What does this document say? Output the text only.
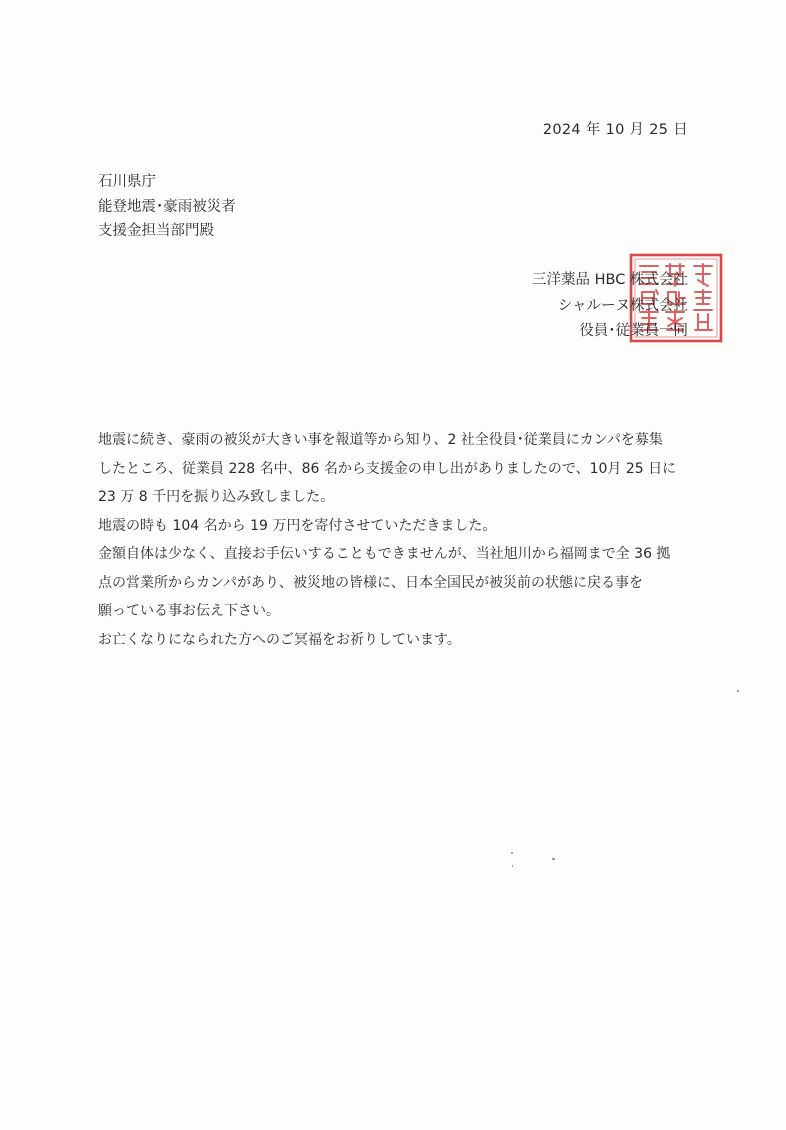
2024 年 10 月 25 日
石川県庁
能登地震･豪雨被災者
支援金担当部門殿
三洋薬品 HBC 株式会社
シャルーヌ株式会社
役員･従業員一同

地震に続き、豪雨の被災が大きい事を報道等から知り、2 社全役員･従業員にカンパを募集

したところ、従業員 228 名中、86 名から支援金の申し出がありましたので、10月 25 日に

23 万 8 千円を振り込み致しました。

地震の時も 104 名から 19 万円を寄付させていただきました。

金額自体は少なく、直接お手伝いすることもできませんが、当社旭川から福岡まで全 36 拠

点の営業所からカンパがあり、被災地の皆様に、日本全国民が被災前の状態に戻る事を

願っている事お伝え下さい。

お亡くなりになられた方へのご冥福をお祈りしています。
